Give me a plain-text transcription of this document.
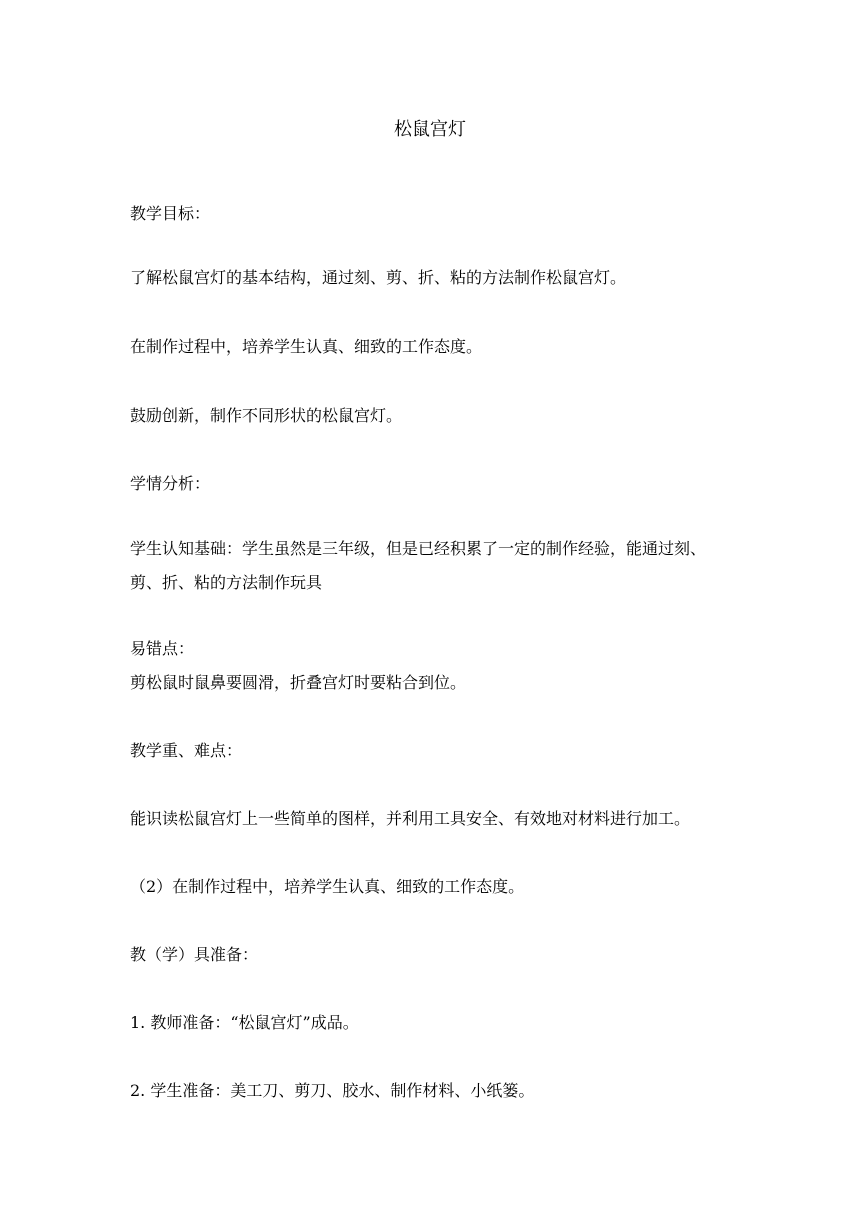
松鼠宫灯
教学目标：
了解松鼠宫灯的基本结构，通过刻、剪、折、粘的方法制作松鼠宫灯。
在制作过程中，培养学生认真、细致的工作态度。
鼓励创新，制作不同形状的松鼠宫灯。
学情分析：
学生认知基础：学生虽然是三年级，但是已经积累了一定的制作经验，能通过刻、
剪、折、粘的方法制作玩具
易错点：
剪松鼠时鼠鼻要圆滑，折叠宫灯时要粘合到位。
教学重、难点：
能识读松鼠宫灯上一些简单的图样，并利用工具安全、有效地对材料进行加工。
（2）在制作过程中，培养学生认真、细致的工作态度。
教（学）具准备：
1. 教师准备：“松鼠宫灯”成品。
2. 学生准备：美工刀、剪刀、胶水、制作材料、小纸篓。
